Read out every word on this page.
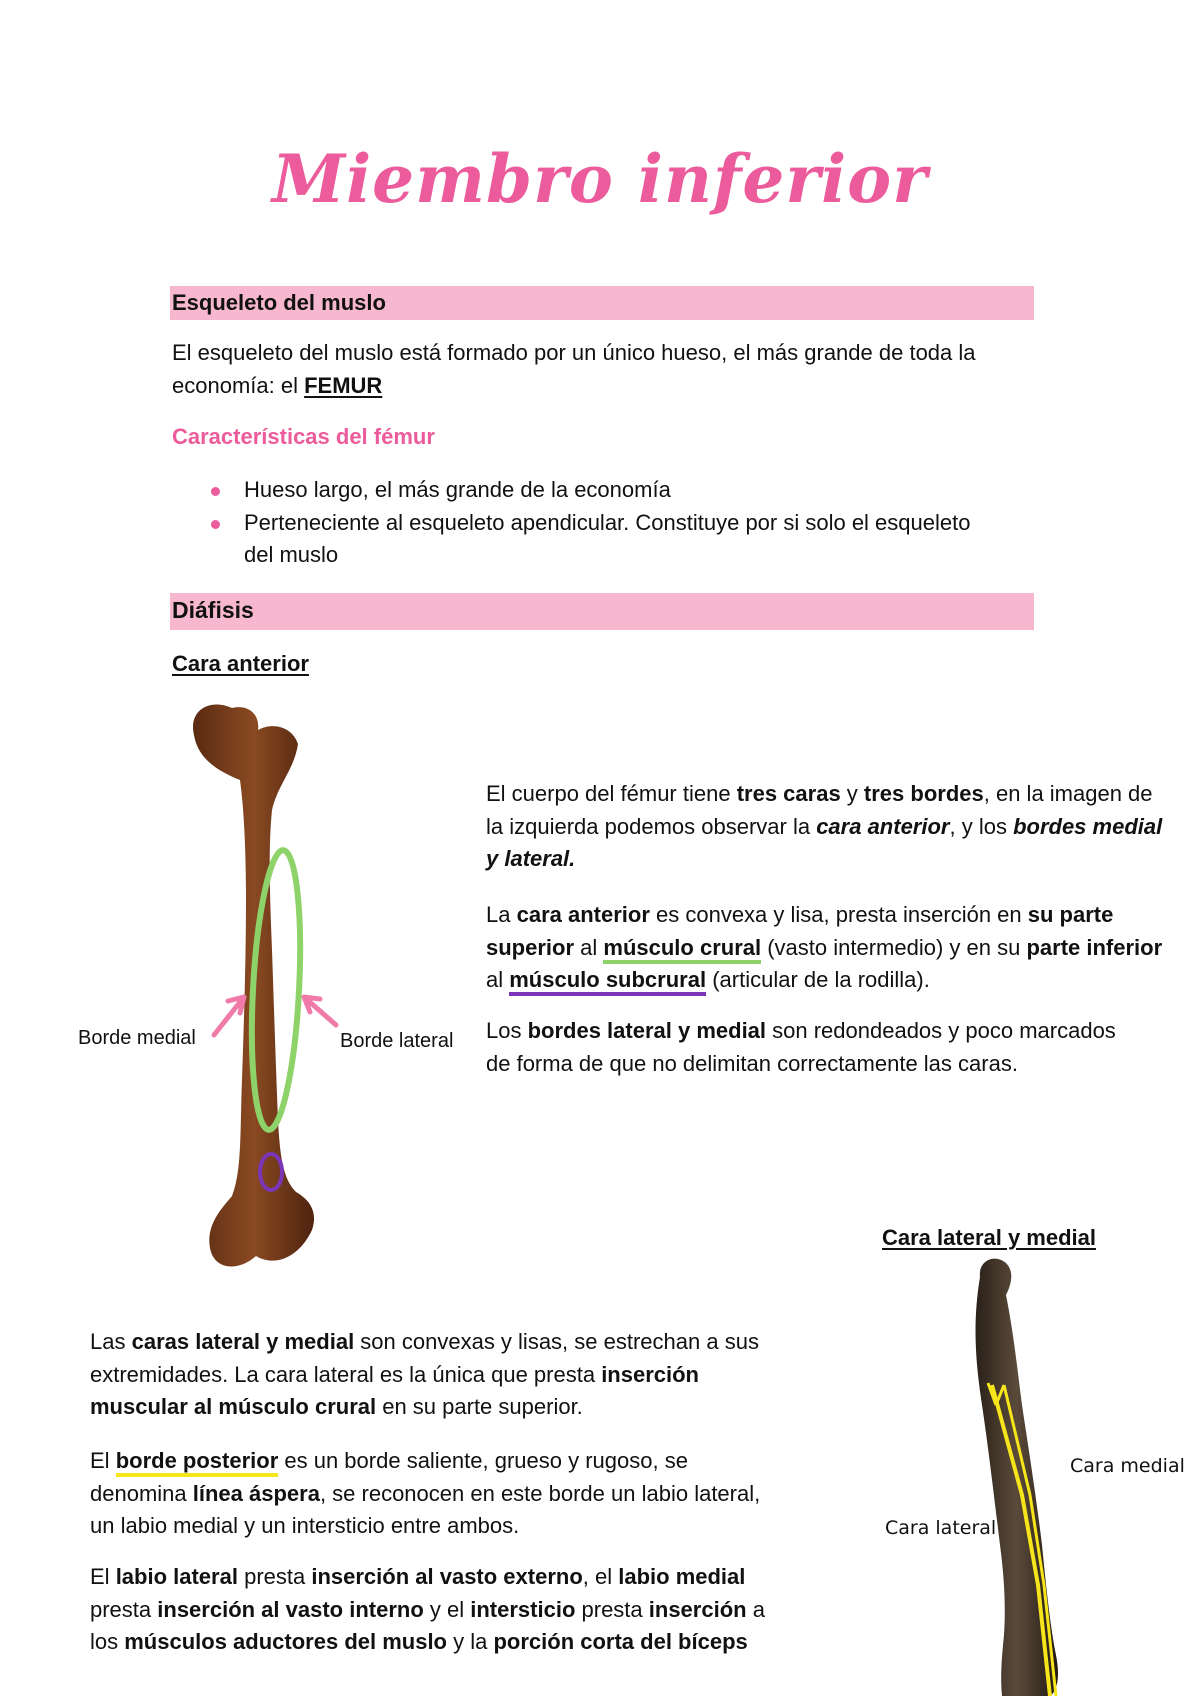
Miembro inferior
Esqueleto del muslo
El esqueleto del muslo está formado por un único hueso, el más grande de toda la economía: el FEMUR
Características del fémur
Hueso largo, el más grande de la economía
Perteneciente al esqueleto apendicular. Constituye por si solo el esqueleto del muslo
Diáfisis
Cara anterior
Borde medial	Borde lateral
El cuerpo del fémur tiene tres caras y tres bordes, en la imagen de la izquierda podemos observar la cara anterior, y los bordes medial y lateral.
La cara anterior es convexa y lisa, presta inserción en su parte superior al músculo crural (vasto intermedio) y en su parte inferior al músculo subcrural (articular de la rodilla).
Los bordes lateral y medial son redondeados y poco marcados de forma de que no delimitan correctamente las caras.
Cara lateral y medial
Cara medial
Cara lateral
Las caras lateral y medial son convexas y lisas, se estrechan a sus extremidades. La cara lateral es la única que presta inserción muscular al músculo crural en su parte superior.
El borde posterior es un borde saliente, grueso y rugoso, se denomina línea áspera, se reconocen en este borde un labio lateral, un labio medial y un intersticio entre ambos.
El labio lateral presta inserción al vasto externo, el labio medial presta inserción al vasto interno y el intersticio presta inserción a los músculos aductores del muslo y la porción corta del bíceps
